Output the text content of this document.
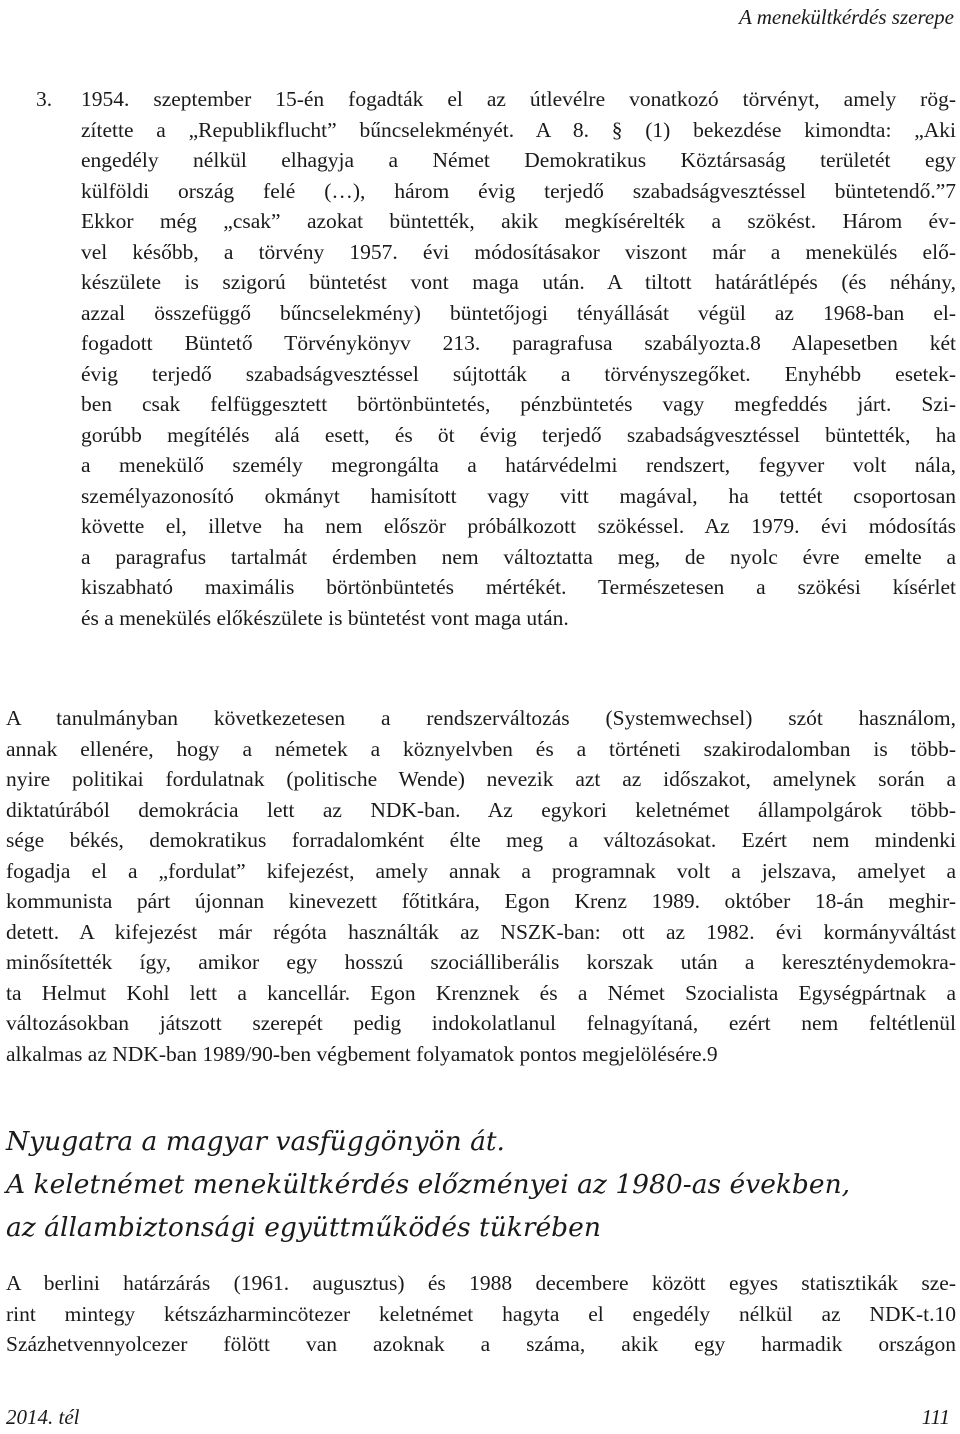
A menekültkérdés szerepe
3. 1954. szeptember 15-én fogadták el az útlevélre vonatkozó törvényt, amely rög-
zítette a „Republikflucht” bűncselekményét. A 8. § (1) bekezdése kimondta: „Aki
engedély nélkül elhagyja a Német Demokratikus Köztársaság területét egy
külföldi ország felé (…), három évig terjedő szabadságvesztéssel büntetendő.”7
Ekkor még „csak” azokat büntették, akik megkísérelték a szökést. Három év-
vel később, a törvény 1957. évi módosításakor viszont már a menekülés elő-
készülete is szigorú büntetést vont maga után. A tiltott határátlépés (és néhány,
azzal összefüggő bűncselekmény) büntetőjogi tényállását végül az 1968-ban el-
fogadott Büntető Törvénykönyv 213. paragrafusa szabályozta.8 Alapesetben két
évig terjedő szabadságvesztéssel sújtották a törvényszegőket. Enyhébb esetek-
ben csak felfüggesztett börtönbüntetés, pénzbüntetés vagy megfeddés járt. Szi-
gorúbb megítélés alá esett, és öt évig terjedő szabadságvesztéssel büntették, ha
a menekülő személy megrongálta a határvédelmi rendszert, fegyver volt nála,
személyazonosító okmányt hamisított vagy vitt magával, ha tettét csoportosan
követte el, illetve ha nem először próbálkozott szökéssel. Az 1979. évi módosítás
a paragrafus tartalmát érdemben nem változtatta meg, de nyolc évre emelte a
kiszabható maximális börtönbüntetés mértékét. Természetesen a szökési kísérlet
és a menekülés előkészülete is büntetést vont maga után.
A tanulmányban következetesen a rendszerváltozás (Systemwechsel) szót használom,
annak ellenére, hogy a németek a köznyelvben és a történeti szakirodalomban is több-
nyire politikai fordulatnak (politische Wende) nevezik azt az időszakot, amelynek során a
diktatúrából demokrácia lett az NDK-ban. Az egykori keletnémet állampolgárok több-
sége békés, demokratikus forradalomként élte meg a változásokat. Ezért nem mindenki
fogadja el a „fordulat” kifejezést, amely annak a programnak volt a jelszava, amelyet a
kommunista párt újonnan kinevezett főtitkára, Egon Krenz 1989. október 18-án meghir-
detett. A kifejezést már régóta használták az NSZK-ban: ott az 1982. évi kormányváltást
minősítették így, amikor egy hosszú szociálliberális korszak után a kereszténydemokra-
ta Helmut Kohl lett a kancellár. Egon Krenznek és a Német Szocialista Egységpártnak a
változásokban játszott szerepét pedig indokolatlanul felnagyítaná, ezért nem feltétlenül
alkalmas az NDK-ban 1989/90-ben végbement folyamatok pontos megjelölésére.9
Nyugatra a magyar vasfüggönyön át.
A keletnémet menekültkérdés előzményei az 1980-as években,
az állambiztonsági együttműködés tükrében
A berlini határzárás (1961. augusztus) és 1988 decembere között egyes statisztikák sze-
rint mintegy kétszázharmincötezer keletnémet hagyta el engedély nélkül az NDK-t.10
Százhetvennyolcezer fölött van azoknak a száma, akik egy harmadik országon
2014. tél	111
